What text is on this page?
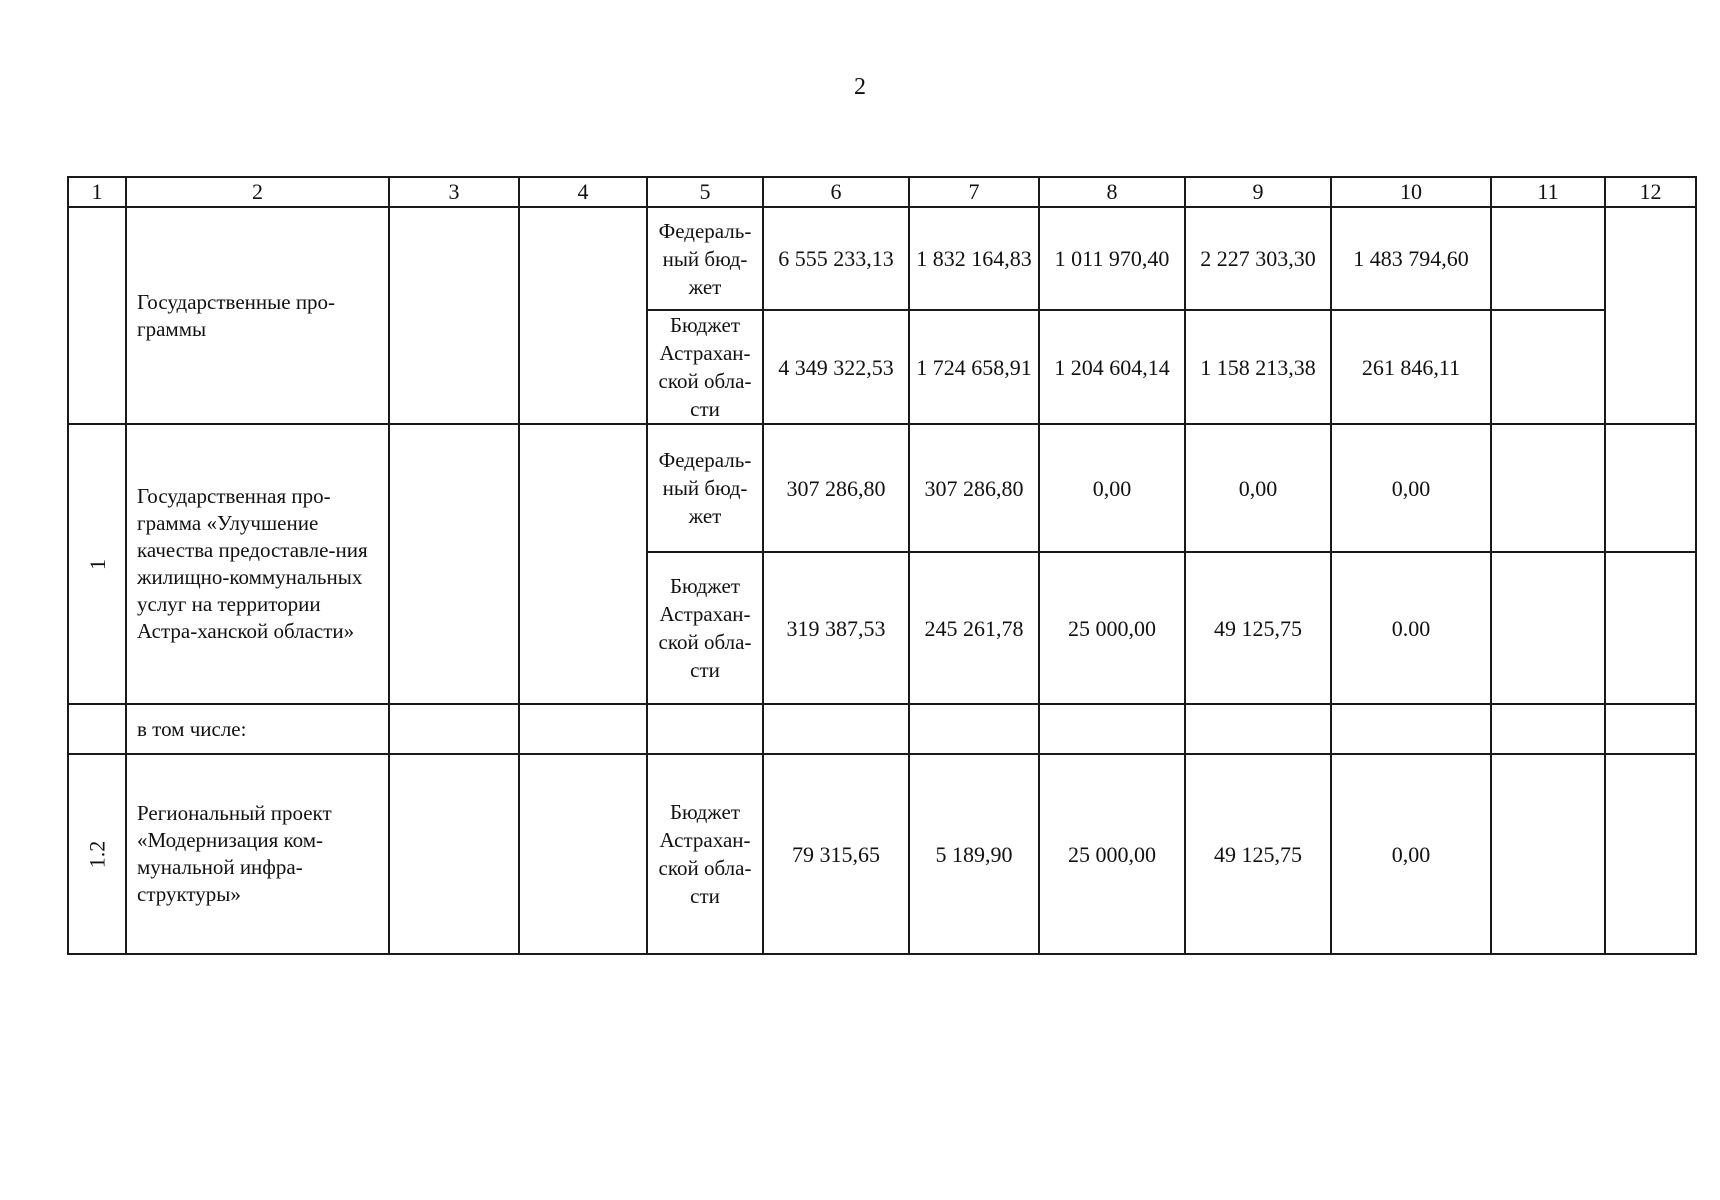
2
1	2	3	4	5	6	7	8	9	10	11	12
	Государственные про-граммы			Федераль-ный бюд-жет	6 555 233,13	1 832 164,83	1 011 970,40	2 227 303,30	1 483 794,60		
				Бюджет Астрахан-ской обла-сти	4 349 322,53	1 724 658,91	1 204 604,14	1 158 213,38	261 846,11		
1	Государственная про-грамма «Улучшение качества предоставле-ния жилищно-коммунальных услуг на территории Астра-ханской области»			Федераль-ный бюд-жет	307 286,80	307 286,80	0,00	0,00	0,00		
				Бюджет Астрахан-ской обла-сти	319 387,53	245 261,78	25 000,00	49 125,75	0.00		
	в том числе:										
1.2	Региональный проект «Модернизация ком-мунальной инфра-структуры»			Бюджет Астрахан-ской обла-сти	79 315,65	5 189,90	25 000,00	49 125,75	0,00		
